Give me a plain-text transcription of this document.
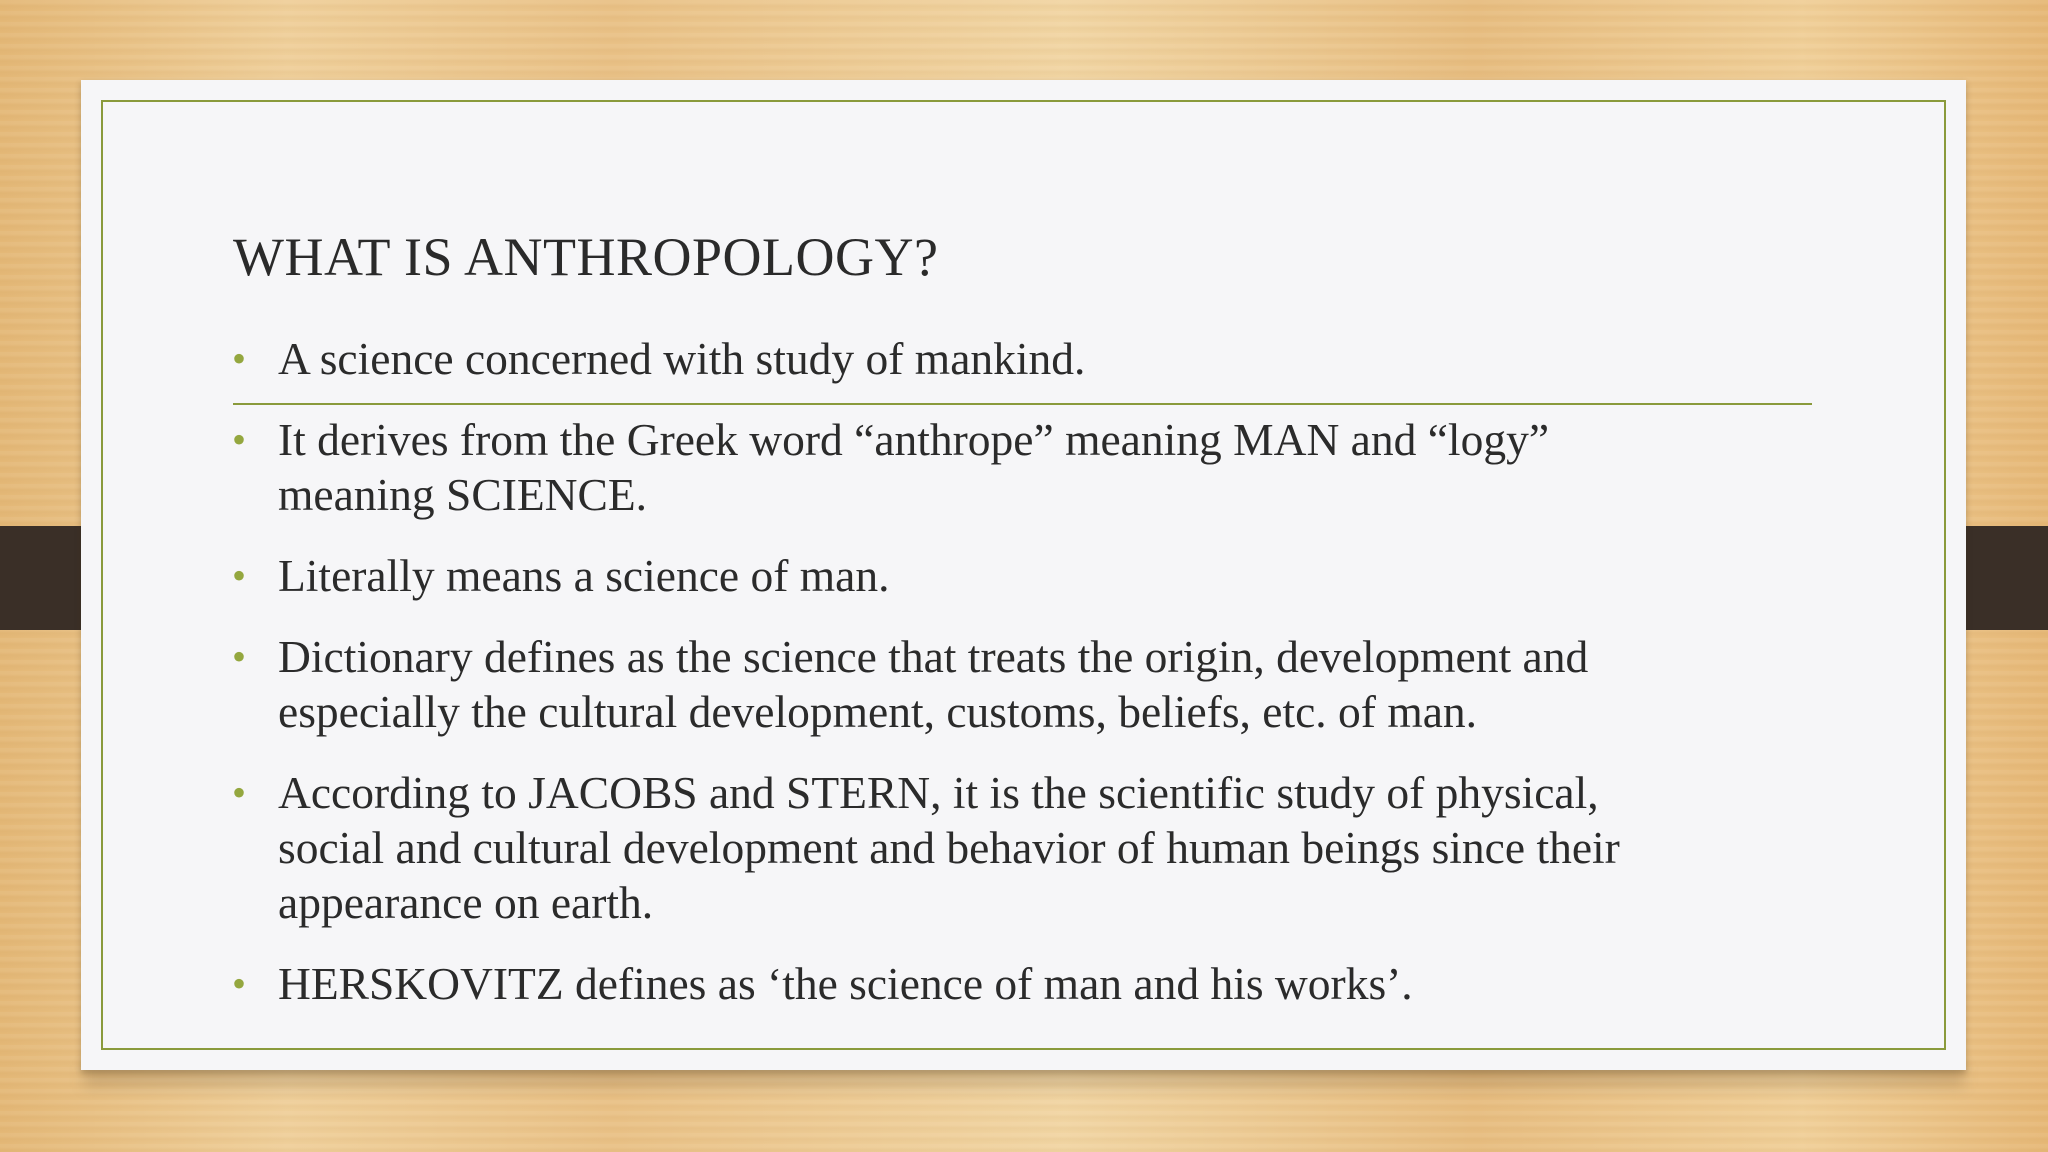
WHAT IS ANTHROPOLOGY?
• A science concerned with study of mankind.
• It derives from the Greek word “anthrope” meaning MAN and “logy”
meaning SCIENCE.
• Literally means a science of man.
• Dictionary defines as the science that treats the origin, development and
especially the cultural development, customs, beliefs, etc. of man.
• According to JACOBS and STERN, it is the scientific study of physical,
social and cultural development and behavior of human beings since their
appearance on earth.
• HERSKOVITZ defines as ‘the science of man and his works’.
